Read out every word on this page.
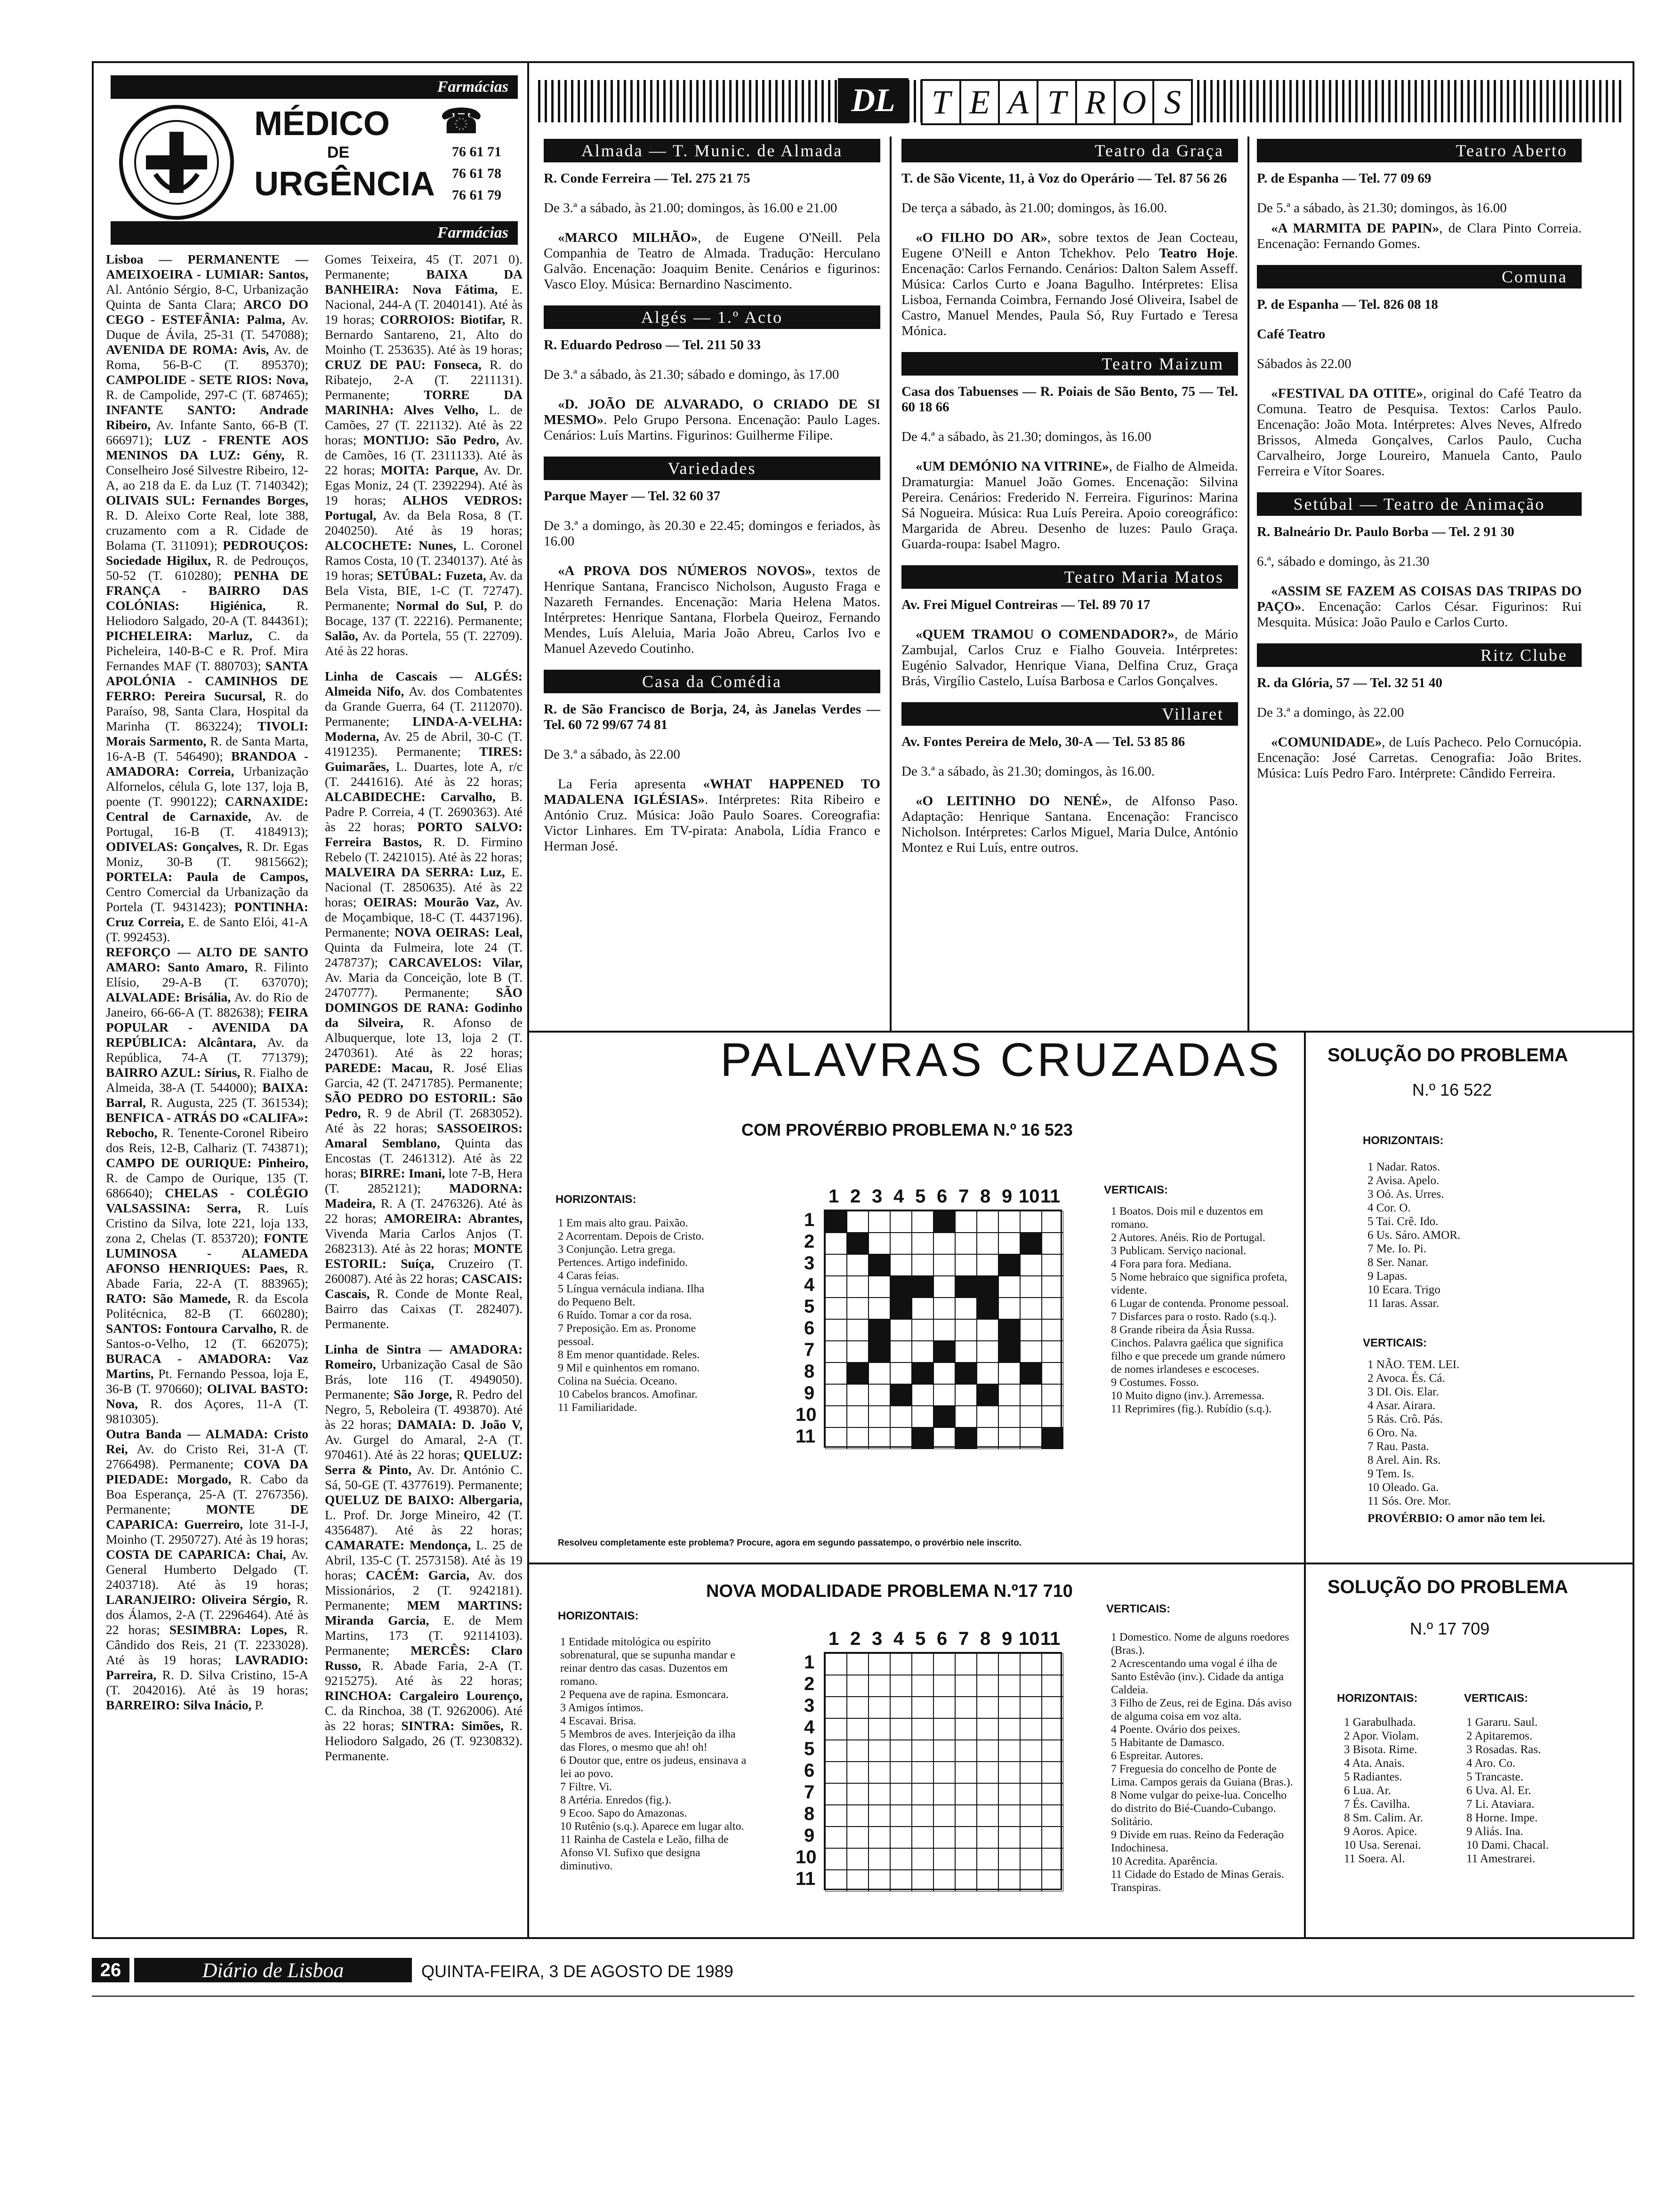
Farmácias
MÉDICO ☎
DE
URGÊNCIA
76 61 71
76 61 78
76 61 79
Farmácias

Lisboa — PERMANENTE — AMEIXOEIRA - LUMIAR: Santos, Al. António Sérgio, 8-C, Urbanização Quinta de Santa Clara; ARCO DO CEGO - ESTEFÂNIA: Palma, Av. Duque de Ávila, 25-31 (T. 547088); AVENIDA DE ROMA: Avis, Av. de Roma, 56-B-C (T. 895370); CAMPOLIDE - SETE RIOS: Nova, R. de Campolide, 297-C (T. 687465); INFANTE SANTO: Andrade Ribeiro, Av. Infante Santo, 66-B (T. 666971); LUZ - FRENTE AOS MENINOS DA LUZ: Gény, R. Conselheiro José Silvestre Ribeiro, 12-A, ao 218 da E. da Luz (T. 7140342); OLIVAIS SUL: Fernandes Borges, R. D. Aleixo Corte Real, lote 388, cruzamento com a R. Cidade de Bolama (T. 311091); PEDROUÇOS: Sociedade Higilux, R. de Pedrouços, 50-52 (T. 610280); PENHA DE FRANÇA - BAIRRO DAS COLÓNIAS: Higiénica, R. Heliodoro Salgado, 20-A (T. 844361); PICHELEIRA: Marluz, C. da Picheleira, 140-B-C e R. Prof. Mira Fernandes MAF (T. 880703); SANTA APOLÓNIA - CAMINHOS DE FERRO: Pereira Sucursal, R. do Paraíso, 98, Santa Clara, Hospital da Marinha (T. 863224); TIVOLI: Morais Sarmento, R. de Santa Marta, 16-A-B (T. 546490); BRANDOA - AMADORA: Correia, Urbanização Alfornelos, célula G, lote 137, loja B, poente (T. 990122); CARNAXIDE: Central de Carnaxide, Av. de Portugal, 16-B (T. 4184913); ODIVELAS: Gonçalves, R. Dr. Egas Moniz, 30-B (T. 9815662); PORTELA: Paula de Campos, Centro Comercial da Urbanização da Portela (T. 9431423); PONTINHA: Cruz Correia, E. de Santo Elói, 41-A (T. 992453).
REFORÇO — ALTO DE SANTO AMARO: Santo Amaro, R. Filinto Elísio, 29-A-B (T. 637070); ALVALADE: Brisália, Av. do Rio de Janeiro, 66-66-A (T. 882638); FEIRA POPULAR - AVENIDA DA REPÚBLICA: Alcântara, Av. da República, 74-A (T. 771379); BAIRRO AZUL: Sírius, R. Fialho de Almeida, 38-A (T. 544000); BAIXA: Barral, R. Augusta, 225 (T. 361534); BENFICA - ATRÁS DO «CALIFA»: Rebocho, R. Tenente-Coronel Ribeiro dos Reis, 12-B, Calhariz (T. 743871); CAMPO DE OURIQUE: Pinheiro, R. de Campo de Ourique, 135 (T. 686640); CHELAS - COLÉGIO VALSASSINA: Serra, R. Luís Cristino da Silva, lote 221, loja 133, zona 2, Chelas (T. 853720); FONTE LUMINOSA - ALAMEDA AFONSO HENRIQUES: Paes, R. Abade Faria, 22-A (T. 883965); RATO: São Mamede, R. da Escola Politécnica, 82-B (T. 660280); SANTOS: Fontoura Carvalho, R. de Santos-o-Velho, 12 (T. 662075); BURACA - AMADORA: Vaz Martins, Pt. Fernando Pessoa, loja E, 36-B (T. 970660); OLIVAL BASTO: Nova, R. dos Açores, 11-A (T. 9810305).
Outra Banda — ALMADA: Cristo Rei, Av. do Cristo Rei, 31-A (T. 2766498). Permanente; COVA DA PIEDADE: Morgado, R. Cabo da Boa Esperança, 25-A (T. 2767356). Permanente; MONTE DE CAPARICA: Guerreiro, lote 31-I-J, Moinho (T. 2950727). Até às 19 horas; COSTA DE CAPARICA: Chai, Av. General Humberto Delgado (T. 2403718). Até às 19 horas; LARANJEIRO: Oliveira Sérgio, R. dos Álamos, 2-A (T. 2296464). Até às 22 horas; SESIMBRA: Lopes, R. Cândido dos Reis, 21 (T. 2233028). Até às 19 horas; LAVRADIO: Parreira, R. D. Silva Cristino, 15-A (T. 2042016). Até às 19 horas; BARREIRO: Silva Inácio, P.

Gomes Teixeira, 45 (T. 2071 0). Permanente; BAIXA DA BANHEIRA: Nova Fátima, E. Nacional, 244-A (T. 2040141). Até às 19 horas; CORROIOS: Biotifar, R. Bernardo Santareno, 21, Alto do Moinho (T. 253635). Até às 19 horas; CRUZ DE PAU: Fonseca, R. do Ribatejo, 2-A (T. 2211131). Permanente; TORRE DA MARINHA: Alves Velho, L. de Camões, 27 (T. 221132). Até às 22 horas; MONTIJO: São Pedro, Av. de Camões, 16 (T. 2311133). Até às 22 horas; MOITA: Parque, Av. Dr. Egas Moniz, 24 (T. 2392294). Até às 19 horas; ALHOS VEDROS: Portugal, Av. da Bela Rosa, 8 (T. 2040250). Até às 19 horas; ALCOCHETE: Nunes, L. Coronel Ramos Costa, 10 (T. 2340137). Até às 19 horas; SETÚBAL: Fuzeta, Av. da Bela Vista, BIE, 1-C (T. 72747). Permanente; Normal do Sul, P. do Bocage, 137 (T. 22216). Permanente; Salão, Av. da Portela, 55 (T. 22709). Até às 22 horas.

Linha de Cascais — ALGÉS: Almeida Nifo, Av. dos Combatentes da Grande Guerra, 64 (T. 2112070). Permanente; LINDA-A-VELHA: Moderna, Av. 25 de Abril, 30-C (T. 4191235). Permanente; TIRES: Guimarães, L. Duartes, lote A, r/c (T. 2441616). Até às 22 horas; ALCABIDECHE: Carvalho, B. Padre P. Correia, 4 (T. 2690363). Até às 22 horas; PORTO SALVO: Ferreira Bastos, R. D. Firmino Rebelo (T. 2421015). Até às 22 horas; MALVEIRA DA SERRA: Luz, E. Nacional (T. 2850635). Até às 22 horas; OEIRAS: Mourão Vaz, Av. de Moçambique, 18-C (T. 4437196). Permanente; NOVA OEIRAS: Leal, Quinta da Fulmeira, lote 24 (T. 2478737); CARCAVELOS: Vilar, Av. Maria da Conceição, lote B (T. 2470777). Permanente; SÃO DOMINGOS DE RANA: Godinho da Silveira, R. Afonso de Albuquerque, lote 13, loja 2 (T. 2470361). Até às 22 horas; PAREDE: Macau, R. José Elias Garcia, 42 (T. 2471785). Permanente; SÃO PEDRO DO ESTORIL: São Pedro, R. 9 de Abril (T. 2683052). Até às 22 horas; SASSOEIROS: Amaral Semblano, Quinta das Encostas (T. 2461312). Até às 22 horas; BIRRE: Imani, lote 7-B, Hera (T. 2852121); MADORNA: Madeira, R. A (T. 2476326). Até às 22 horas; AMOREIRA: Abrantes, Vivenda Maria Carlos Anjos (T. 2682313). Até às 22 horas; MONTE ESTORIL: Suíça, Cruzeiro (T. 260087). Até às 22 horas; CASCAIS: Cascais, R. Conde de Monte Real, Bairro das Caixas (T. 282407). Permanente.

Linha de Sintra — AMADORA: Romeiro, Urbanização Casal de São Brás, lote 116 (T. 4949050). Permanente; São Jorge, R. Pedro del Negro, 5, Reboleira (T. 493870). Até às 22 horas; DAMAIA: D. João V, Av. Gurgel do Amaral, 2-A (T. 970461). Até às 22 horas; QUELUZ: Serra & Pinto, Av. Dr. António C. Sá, 50-GE (T. 4377619). Permanente; QUELUZ DE BAIXO: Albergaria, L. Prof. Dr. Jorge Mineiro, 42 (T. 4356487). Até às 22 horas; CAMARATE: Mendonça, L. 25 de Abril, 135-C (T. 2573158). Até às 19 horas; CACÉM: Garcia, Av. dos Missionários, 2 (T. 9242181). Permanente; MEM MARTINS: Miranda Garcia, E. de Mem Martins, 173 (T. 92114103). Permanente; MERCÊS: Claro Russo, R. Abade Faria, 2-A (T. 9215275). Até às 22 horas; RINCHOA: Cargaleiro Lourenço, C. da Rinchoa, 38 (T. 9262006). Até às 22 horas; SINTRA: Simões, R. Heliodoro Salgado, 26 (T. 9230832). Permanente.

DL	T E A T R O S
Almada — T. Munic. de Almada

R. Conde Ferreira — Tel. 275 21 75

De 3.ª a sábado, às 21.00; domingos, às 16.00 e 21.00

«MARCO MILHÃO», de Eugene O'Neill. Pela Companhia de Teatro de Almada. Tradução: Herculano Galvão. Encenação: Joaquim Benite. Cenários e figurinos: Vasco Eloy. Música: Bernardino Nascimento.

Algés — 1.º Acto

R. Eduardo Pedroso — Tel. 211 50 33

De 3.ª a sábado, às 21.30; sábado e domingo, às 17.00

«D. JOÃO DE ALVARADO, O CRIADO DE SI MESMO». Pelo Grupo Persona. Encenação: Paulo Lages. Cenários: Luís Martins. Figurinos: Guilherme Filipe.

Variedades

Parque Mayer — Tel. 32 60 37

De 3.ª a domingo, às 20.30 e 22.45; domingos e feriados, às 16.00

«A PROVA DOS NÚMEROS NOVOS», textos de Henrique Santana, Francisco Nicholson, Augusto Fraga e Nazareth Fernandes. Encenação: Maria Helena Matos. Intérpretes: Henrique Santana, Florbela Queiroz, Fernando Mendes, Luís Aleluia, Maria João Abreu, Carlos Ivo e Manuel Azevedo Coutinho.

Casa da Comédia

R. de São Francisco de Borja, 24, às Janelas Verdes — Tel. 60 72 99/67 74 81

De 3.ª a sábado, às 22.00

La Feria apresenta «WHAT HAPPENED TO MADALENA IGLÉSIAS». Intérpretes: Rita Ribeiro e António Cruz. Música: João Paulo Soares. Coreografia: Victor Linhares. Em TV-pirata: Anabola, Lídia Franco e Herman José.

Teatro da Graça

T. de São Vicente, 11, à Voz do Operário — Tel. 87 56 26

De terça a sábado, às 21.00; domingos, às 16.00.

«O FILHO DO AR», sobre textos de Jean Cocteau, Eugene O'Neill e Anton Tchekhov. Pelo Teatro Hoje. Encenação: Carlos Fernando. Cenários: Dalton Salem Asseff. Música: Carlos Curto e Joana Bagulho. Intérpretes: Elisa Lisboa, Fernanda Coimbra, Fernando José Oliveira, Isabel de Castro, Manuel Mendes, Paula Só, Ruy Furtado e Teresa Mónica.

Teatro Maizum

Casa dos Tabuenses — R. Poiais de São Bento, 75 — Tel. 60 18 66

De 4.ª a sábado, às 21.30; domingos, às 16.00

«UM DEMÓNIO NA VITRINE», de Fialho de Almeida. Dramaturgia: Manuel João Gomes. Encenação: Silvina Pereira. Cenários: Frederido N. Ferreira. Figurinos: Marina Sá Nogueira. Música: Rua Luís Pereira. Apoio coreográfico: Margarida de Abreu. Desenho de luzes: Paulo Graça. Guarda-roupa: Isabel Magro.

Teatro Maria Matos

Av. Frei Miguel Contreiras — Tel. 89 70 17

«QUEM TRAMOU O COMENDADOR?», de Mário Zambujal, Carlos Cruz e Fialho Gouveia. Intérpretes: Eugénio Salvador, Henrique Viana, Delfina Cruz, Graça Brás, Virgílio Castelo, Luísa Barbosa e Carlos Gonçalves.

Villaret

Av. Fontes Pereira de Melo, 30-A — Tel. 53 85 86

De 3.ª a sábado, às 21.30; domingos, às 16.00.

«O LEITINHO DO NENÉ», de Alfonso Paso. Adaptação: Henrique Santana. Encenação: Francisco Nicholson. Intérpretes: Carlos Miguel, Maria Dulce, António Montez e Rui Luís, entre outros.

Teatro Aberto

P. de Espanha — Tel. 77 09 69

De 5.ª a sábado, às 21.30; domingos, às 16.00

«A MARMITA DE PAPIN», de Clara Pinto Correia. Encenação: Fernando Gomes.

Comuna

P. de Espanha — Tel. 826 08 18

Café Teatro

Sábados às 22.00

«FESTIVAL DA OTITE», original do Café Teatro da Comuna. Teatro de Pesquisa. Textos: Carlos Paulo. Encenação: João Mota. Intérpretes: Alves Neves, Alfredo Brissos, Almeda Gonçalves, Carlos Paulo, Cucha Carvalheiro, Jorge Loureiro, Manuela Canto, Paulo Ferreira e Vítor Soares.

Setúbal — Teatro de Animação

R. Balneário Dr. Paulo Borba — Tel. 2 91 30

6.ª, sábado e domingo, às 21.30

«ASSIM SE FAZEM AS COISAS DAS TRIPAS DO PAÇO». Encenação: Carlos César. Figurinos: Rui Mesquita. Música: João Paulo e Carlos Curto.

Ritz Clube

R. da Glória, 57 — Tel. 32 51 40

De 3.ª a domingo, às 22.00

«COMUNIDADE», de Luís Pacheco. Pelo Cornucópia. Encenação: José Carretas. Cenografia: João Brites. Música: Luís Pedro Faro. Intérprete: Cândido Ferreira.

PALAVRAS CRUZADAS
COM PROVÉRBIO PROBLEMA N.º 16 523
HORIZONTAIS:
1 Em mais alto grau. Paixão.
2 Acorrentam. Depois de Cristo.
3 Conjunção. Letra grega. Pertences. Artigo indefinido.
4 Caras feias.
5 Língua vernácula indiana. Ilha do Pequeno Belt.
6 Ruído. Tomar a cor da rosa.
7 Preposição. Em as. Pronome pessoal.
8 Em menor quantidade. Reles.
9 Mil e quinhentos em romano. Colina na Suécia. Oceano.
10 Cabelos brancos. Amofinar.
11 Familiaridade.
1 2 3 4 5 6 7 8 9 10 11
1
2
3
4
5
6
7
8
9
10
11
VERTICAIS:
1 Boatos. Dois mil e duzentos em romano.
2 Autores. Anéis. Rio de Portugal.
3 Publicam. Serviço nacional.
4 Fora para fora. Mediana.
5 Nome hebraico que significa profeta, vidente.
6 Lugar de contenda. Pronome pessoal.
7 Disfarces para o rosto. Rado (s.q.).
8 Grande ribeira da Ásia Russa. Cinchos. Palavra gaélica que significa filho e que precede um grande número de nomes irlandeses e escoceses.
9 Costumes. Fosso.
10 Muito digno (inv.). Arremessa.
11 Reprimires (fig.). Rubídio (s.q.).
Resolveu completamente este problema? Procure, agora em segundo passatempo, o provérbio nele inscrito.
NOVA MODALIDADE PROBLEMA N.º17 710
HORIZONTAIS:
1 Entidade mitológica ou espírito sobrenatural, que se supunha mandar e reinar dentro das casas. Duzentos em romano.
2 Pequena ave de rapina. Esmoncara.
3 Amigos íntimos.
4 Escavai. Brisa.
5 Membros de aves. Interjeição da ilha das Flores, o mesmo que ah! oh!
6 Doutor que, entre os judeus, ensinava a lei ao povo.
7 Filtre. Vi.
8 Artéria. Enredos (fig.).
9 Ecoo. Sapo do Amazonas.
10 Rutênio (s.q.). Aparece em lugar alto.
11 Rainha de Castela e Leão, filha de Afonso VI. Sufixo que designa diminutivo.
1 2 3 4 5 6 7 8 9 10 11
1
2
3
4
5
6
7
8
9
10
11
VERTICAIS:
1 Domestico. Nome de alguns roedores (Bras.).
2 Acrescentando uma vogal é ilha de Santo Estêvão (inv.). Cidade da antiga Caldeia.
3 Filho de Zeus, rei de Egina. Dás aviso de alguma coisa em voz alta.
4 Poente. Ovário dos peixes.
5 Habitante de Damasco.
6 Espreitar. Autores.
7 Freguesia do concelho de Ponte de Lima. Campos gerais da Guiana (Bras.).
8 Nome vulgar do peixe-lua. Concelho do distrito do Bié-Cuando-Cubango. Solitário.
9 Divide em ruas. Reino da Federação Indochinesa.
10 Acredita. Aparência.
11 Cidade do Estado de Minas Gerais. Transpiras.
SOLUÇÃO DO PROBLEMA
N.º 16 522
HORIZONTAIS:
1 Nadar. Ratos.
2 Avisa. Apelo.
3 Oó. As. Urres.
4 Cor. O.
5 Tai. Crê. Ido.
6 Us. Sáro. AMOR.
7 Me. Io. Pi.
8 Ser. Nanar.
9 Lapas.
10 Ecara. Trigo
11 Iaras. Assar.
VERTICAIS:
1 NÃO. TEM. LEI.
2 Avoca. És. Cá.
3 DI. Ois. Elar.
4 Asar. Airara.
5 Rás. Crô. Pás.
6 Oro. Na.
7 Rau. Pasta.
8 Arel. Ain. Rs.
9 Tem. Is.
10 Oleado. Ga.
11 Sós. Ore. Mor.
PROVÉRBIO: O amor não tem lei.
SOLUÇÃO DO PROBLEMA
N.º 17 709
HORIZONTAIS:
1 Garabulhada.
2 Apor. Violam.
3 Bisota. Rime.
4 Ata. Anais.
5 Radiantes.
6 Lua. Ar.
7 És. Cavilha.
8 Sm. Calim. Ar.
9 Aoros. Apice.
10 Usa. Serenai.
11 Soera. Al.
VERTICAIS:
1 Gararu. Saul.
2 Apitaremos.
3 Rosadas. Ras.
4 Aro. Co.
5 Trancaste.
6 Uva. Al. Er.
7 Li. Ataviara.
8 Horne. Impe.
9 Aliás. Ina.
10 Dami. Chacal.
11 Amestrarei.
26	Diário de Lisboa	QUINTA-FEIRA, 3 DE AGOSTO DE 1989
